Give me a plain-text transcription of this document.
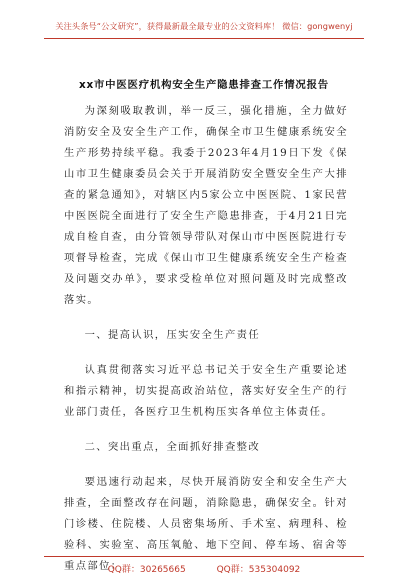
关注头条号“公文研究”，获得最新最全最专业的公文资料库！ 微信：gongwenyj
xx市中医医疗机构安全生产隐患排查工作情况报告

为深刻吸取教训，举一反三，强化措施，全力做好消防安全及安全生产工作，确保全市卫生健康系统安全生产形势持续平稳。我委于2023年4月19日下发《保山市卫生健康委员会关于开展消防安全暨安全生产大排查的紧急通知》，对辖区内5家公立中医医院、1家民营中医医院全面进行了安全生产隐患排查，于4月21日完成自检自查，由分管领导带队对保山市中医医院进行专项督导检查，完成《保山市卫生健康系统安全生产检查及问题交办单》，要求受检单位对照问题及时完成整改落实。

一、提高认识，压实安全生产责任

认真贯彻落实习近平总书记关于安全生产重要论述和指示精神，切实提高政治站位，落实好安全生产的行业部门责任，各医疗卫生机构压实各单位主体责任。

二、突出重点，全面抓好排查整改

要迅速行动起来，尽快开展消防安全和安全生产大排查，全面整改存在问题，消除隐患，确保安全。针对门诊楼、住院楼、人员密集场所、手术室、病理科、检验科、实验室、高压氧舱、地下空间、停车场、宿舍等重点部位：

QQ群：30265665	QQ群：535304092
